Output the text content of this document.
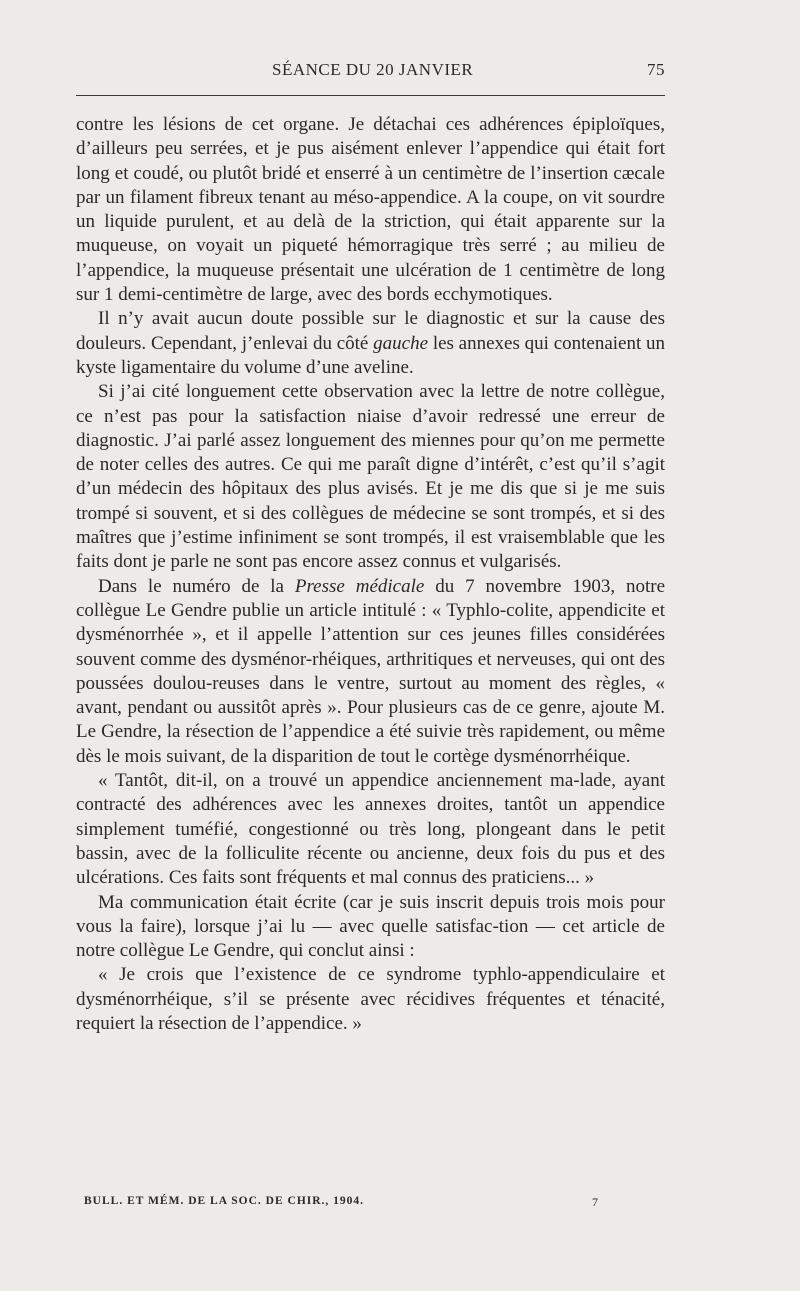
SÉANCE DU 20 JANVIER	75

contre les lésions de cet organe. Je détachai ces adhérences épiploïques, d’ailleurs peu serrées, et je pus aisément enlever l’appendice qui était fort long et coudé, ou plutôt bridé et enserré à un centimètre de l’insertion cæcale par un filament fibreux tenant au méso-appendice. A la coupe, on vit sourdre un liquide purulent, et au delà de la striction, qui était apparente sur la muqueuse, on voyait un piqueté hémorragique très serré ; au milieu de l’appendice, la muqueuse présentait une ulcération de 1 centimètre de long sur 1 demi-centimètre de large, avec des bords ecchymotiques.

Il n’y avait aucun doute possible sur le diagnostic et sur la cause des douleurs. Cependant, j’enlevai du côté gauche les annexes qui contenaient un kyste ligamentaire du volume d’une aveline.

Si j’ai cité longuement cette observation avec la lettre de notre collègue, ce n’est pas pour la satisfaction niaise d’avoir redressé une erreur de diagnostic. J’ai parlé assez longuement des miennes pour qu’on me permette de noter celles des autres. Ce qui me paraît digne d’intérêt, c’est qu’il s’agit d’un médecin des hôpitaux des plus avisés. Et je me dis que si je me suis trompé si souvent, et si des collègues de médecine se sont trompés, et si des maîtres que j’estime infiniment se sont trompés, il est vraisemblable que les faits dont je parle ne sont pas encore assez connus et vulgarisés.

Dans le numéro de la Presse médicale du 7 novembre 1903, notre collègue Le Gendre publie un article intitulé : « Typhlo-colite, appendicite et dysménorrhée », et il appelle l’attention sur ces jeunes filles considérées souvent comme des dysménor-rhéiques, arthritiques et nerveuses, qui ont des poussées doulou-reuses dans le ventre, surtout au moment des règles, « avant, pendant ou aussitôt après ». Pour plusieurs cas de ce genre, ajoute M. Le Gendre, la résection de l’appendice a été suivie très rapidement, ou même dès le mois suivant, de la disparition de tout le cortège dysménorrhéique.

« Tantôt, dit-il, on a trouvé un appendice anciennement ma-lade, ayant contracté des adhérences avec les annexes droites, tantôt un appendice simplement tuméfié, congestionné ou très long, plongeant dans le petit bassin, avec de la folliculite récente ou ancienne, deux fois du pus et des ulcérations. Ces faits sont fréquents et mal connus des praticiens... »

Ma communication était écrite (car je suis inscrit depuis trois mois pour vous la faire), lorsque j’ai lu — avec quelle satisfac-tion — cet article de notre collègue Le Gendre, qui conclut ainsi :

« Je crois que l’existence de ce syndrome typhlo-appendiculaire et dysménorrhéique, s’il se présente avec récidives fréquentes et ténacité, requiert la résection de l’appendice. »

BULL. ET MÉM. DE LA SOC. DE CHIR., 1904.	7
